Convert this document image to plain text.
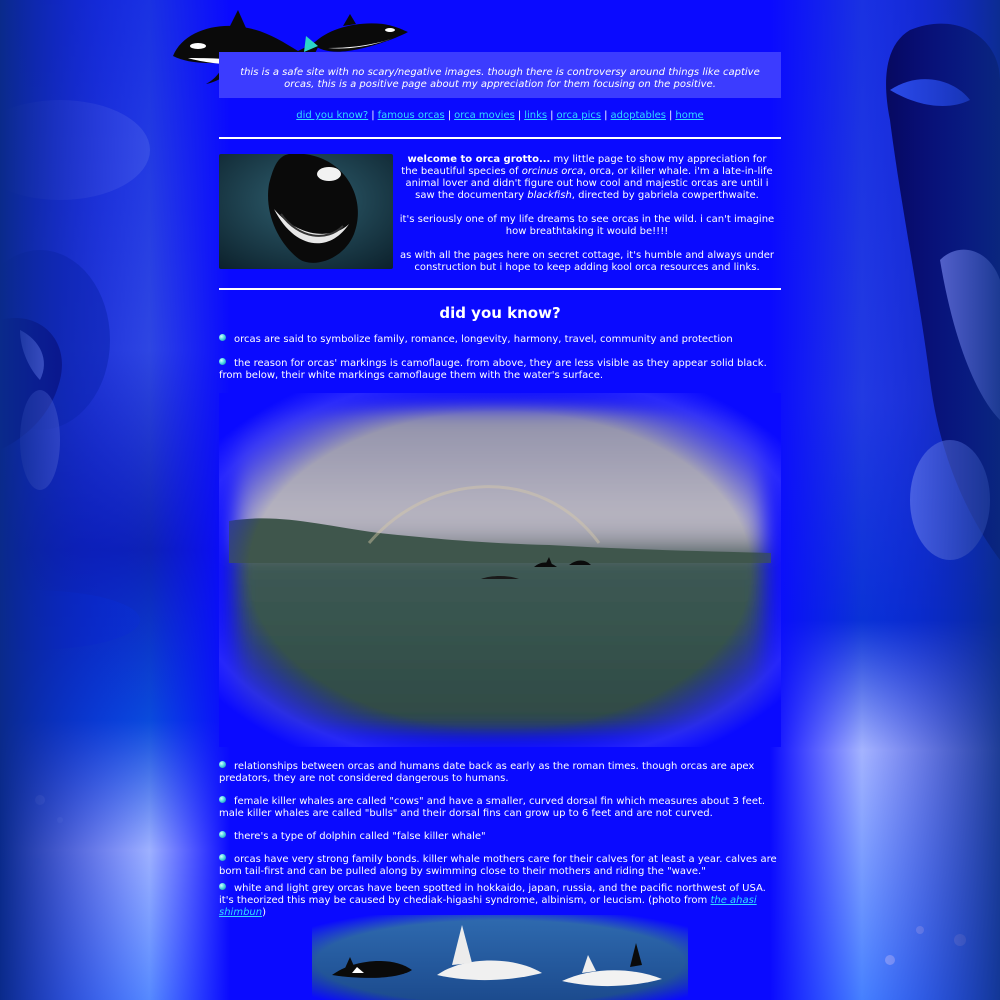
this is a safe site with no scary/negative images. though there is controversy around things like captive orcas, this is a positive page about my appreciation for them focusing on the positive.
did you know? | famous orcas | orca movies | links | orca pics | adoptables | home

welcome to orca grotto... my little page to show my appreciation for the beautiful species of orcinus orca, orca, or killer whale. i'm a late-in-life animal lover and didn't figure out how cool and majestic orcas are until i saw the documentary blackfish, directed by gabriela cowperthwaite.

it's seriously one of my life dreams to see orcas in the wild. i can't imagine how breathtaking it would be!!!!

as with all the pages here on secret cottage, it's humble and always under construction but i hope to keep adding kool orca resources and links.

did you know?

orcas are said to symbolize family, romance, longevity, harmony, travel, community and protection

the reason for orcas' markings is camoflauge. from above, they are less visible as they appear solid black. from below, their white markings camoflauge them with the water's surface.

relationships between orcas and humans date back as early as the roman times. though orcas are apex predators, they are not considered dangerous to humans.

female killer whales are called "cows" and have a smaller, curved dorsal fin which measures about 3 feet. male killer whales are called "bulls" and their dorsal fins can grow up to 6 feet and are not curved.

there's a type of dolphin called "false killer whale"

orcas have very strong family bonds. killer whale mothers care for their calves for at least a year. calves are born tail-first and can be pulled along by swimming close to their mothers and riding the "wave."

white and light grey orcas have been spotted in hokkaido, japan, russia, and the pacific northwest of USA. it's theorized this may be caused by chediak-higashi syndrome, albinism, or leucism. (photo from the ahasi shimbun)
